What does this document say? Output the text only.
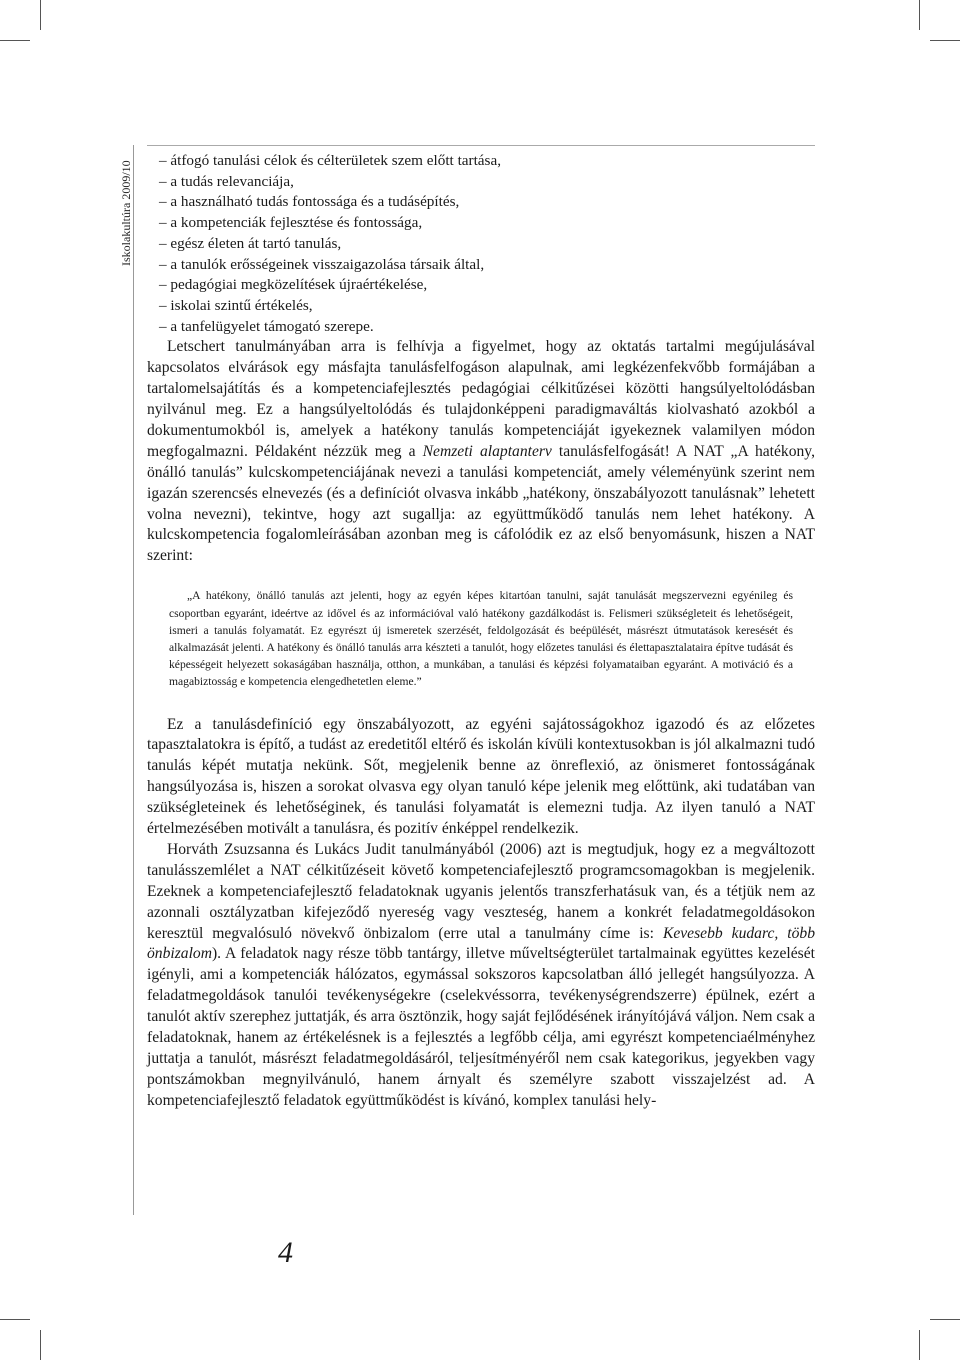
Iskolakultúra 2009/10
–	átfogó tanulási célok és célterületek szem előtt tartása,
– a tudás relevanciája,
– a használható tudás fontossága és a tudásépítés,
– a kompetenciák fejlesztése és fontossága,
– egész életen át tartó tanulás,
– a tanulók erősségeinek visszaigazolása társaik által,
– pedagógiai megközelítések újraértékelése,
– iskolai szintű értékelés,
– a tanfelügyelet támogató szerepe.

Letschert tanulmányában arra is felhívja a figyelmet, hogy az oktatás tartalmi megújulásával kapcsolatos elvárások egy másfajta tanulásfelfogáson alapulnak, ami legkézenfekvőbb formájában a tartalomelsajátítás és a kompetenciafejlesztés pedagógiai célkitűzései közötti hangsúlyeltolódásban nyilvánul meg. Ez a hangsúlyeltolódás és tulajdonképpeni paradigmaváltás kiolvasható azokból a dokumentumokból is, amelyek a hatékony tanulás kompetenciáját igyekeznek valamilyen módon megfogalmazni. Példaként nézzük meg a Nemzeti alaptanterv tanulásfelfogását! A NAT „A hatékony, önálló tanulás” kulcskompetenciájának nevezi a tanulási kompetenciát, amely véleményünk szerint nem igazán szerencsés elnevezés (és a definíciót olvasva inkább „hatékony, önszabályozott tanulásnak” lehetett volna nevezni), tekintve, hogy azt sugallja: az együttműködő tanulás nem lehet hatékony. A kulcskompetencia fogalomleírásában azonban meg is cáfolódik ez az első benyomásunk, hiszen a NAT szerint:

„A hatékony, önálló tanulás azt jelenti, hogy az egyén képes kitartóan tanulni, saját tanulását megszervezni egyénileg és csoportban egyaránt, ideértve az idővel és az információval való hatékony gazdálkodást is. Felismeri szükségleteit és lehetőségeit, ismeri a tanulás folyamatát. Ez egyrészt új ismeretek szerzését, feldolgozását és beépülését, másrészt útmutatások keresését és alkalmazását jelenti. A hatékony és önálló tanulás arra készteti a tanulót, hogy előzetes tanulási és élettapasztalataira építve tudását és képességeit helyezett sokaságában használja, otthon, a munkában, a tanulási és képzési folyamataiban egyaránt. A motiváció és a magabiztosság e kompetencia elengedhetetlen eleme.”

Ez a tanulásdefiníció egy önszabályozott, az egyéni sajátosságokhoz igazodó és az előzetes tapasztalatokra is építő, a tudást az eredetitől eltérő és iskolán kívüli kontextusokban is jól alkalmazni tudó tanulás képét mutatja nekünk. Sőt, megjelenik benne az önreflexió, az önismeret fontosságának hangsúlyozása is, hiszen a sorokat olvasva egy olyan tanuló képe jelenik meg előttünk, aki tudatában van szükségleteinek és lehetőséginek, és tanulási folyamatát is elemezni tudja. Az ilyen tanuló a NAT értelmezésében motivált a tanulásra, és pozitív énképpel rendelkezik.

Horváth Zsuzsanna és Lukács Judit tanulmányából (2006) azt is megtudjuk, hogy ez a megváltozott tanulásszemlélet a NAT célkitűzéseit követő kompetenciafejlesztő programcsomagokban is megjelenik. Ezeknek a kompetenciafejlesztő feladatoknak ugyanis jelentős transzferhatásuk van, és a tétjük nem az azonnali osztályzatban kifejeződő nyereség vagy veszteség, hanem a konkrét feladatmegoldásokon keresztül megvalósuló növekvő önbizalom (erre utal a tanulmány címe is: Kevesebb kudarc, több önbizalom). A feladatok nagy része több tantárgy, illetve műveltségterület tartalmainak együttes kezelését igényli, ami a kompetenciák hálózatos, egymással sokszoros kapcsolatban álló jellegét hangsúlyozza. A feladatmegoldások tanulói tevékenységekre (cselekvéssorra, tevékenységrendszerre) épülnek, ezért a tanulót aktív szerephez juttatják, és arra ösztönzik, hogy saját fejlődésének irányítójává váljon. Nem csak a feladatoknak, hanem az értékelésnek is a fejlesztés a legfőbb célja, ami egyrészt kompetenciaélményhez juttatja a tanulót, másrészt feladatmegoldásáról, teljesítményéről nem csak kategorikus, jegyekben vagy pontszámokban megnyilvánuló, hanem árnyalt és személyre szabott visszajelzést ad. A kompetenciafejlesztő feladatok együttműködést is kívánó, komplex tanulási hely-

4
